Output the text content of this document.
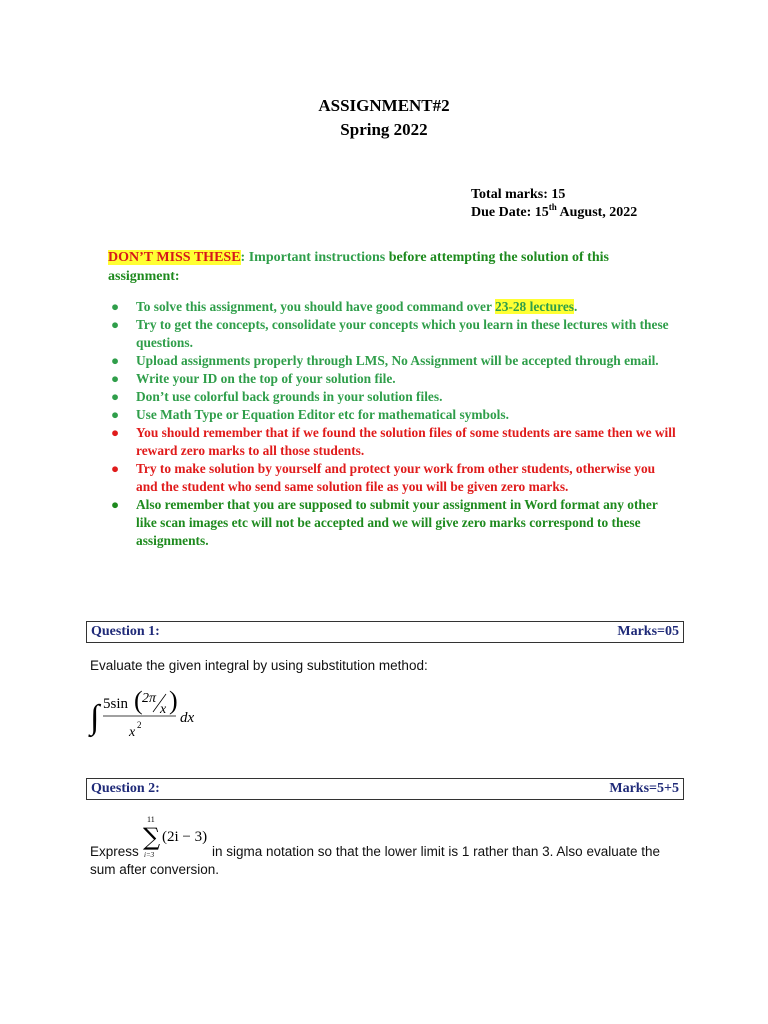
ASSIGNMENT#2
Spring 2022
Total marks: 15
Due Date: 15th August, 2022
DON’T MISS THESE: Important instructions before attempting the solution of this assignment:
● To solve this assignment, you should have good command over 23-28 lectures.
● Try to get the concepts, consolidate your concepts which you learn in these lectures with these questions.
● Upload assignments properly through LMS, No Assignment will be accepted through email.
● Write your ID on the top of your solution file.
● Don’t use colorful back grounds in your solution files.
● Use Math Type or Equation Editor etc for mathematical symbols.
● You should remember that if we found the solution files of some students are same then we will reward zero marks to all those students.
● Try to make solution by yourself and protect your work from other students, otherwise you and the student who send same solution file as you will be given zero marks.
● Also remember that you are supposed to submit your assignment in Word format any other like scan images etc will not be accepted and we will give zero marks correspond to these assignments.
Question 1:	Marks=05
Evaluate the given integral by using substitution method:
∫ 5sin ( 2π
x )
x 2	dx
Question 2:	Marks=5+5
11
∑
i=3
(2i − 3)
Express	in sigma notation so that the lower limit is 1 rather than 3. Also evaluate the
sum after conversion.
